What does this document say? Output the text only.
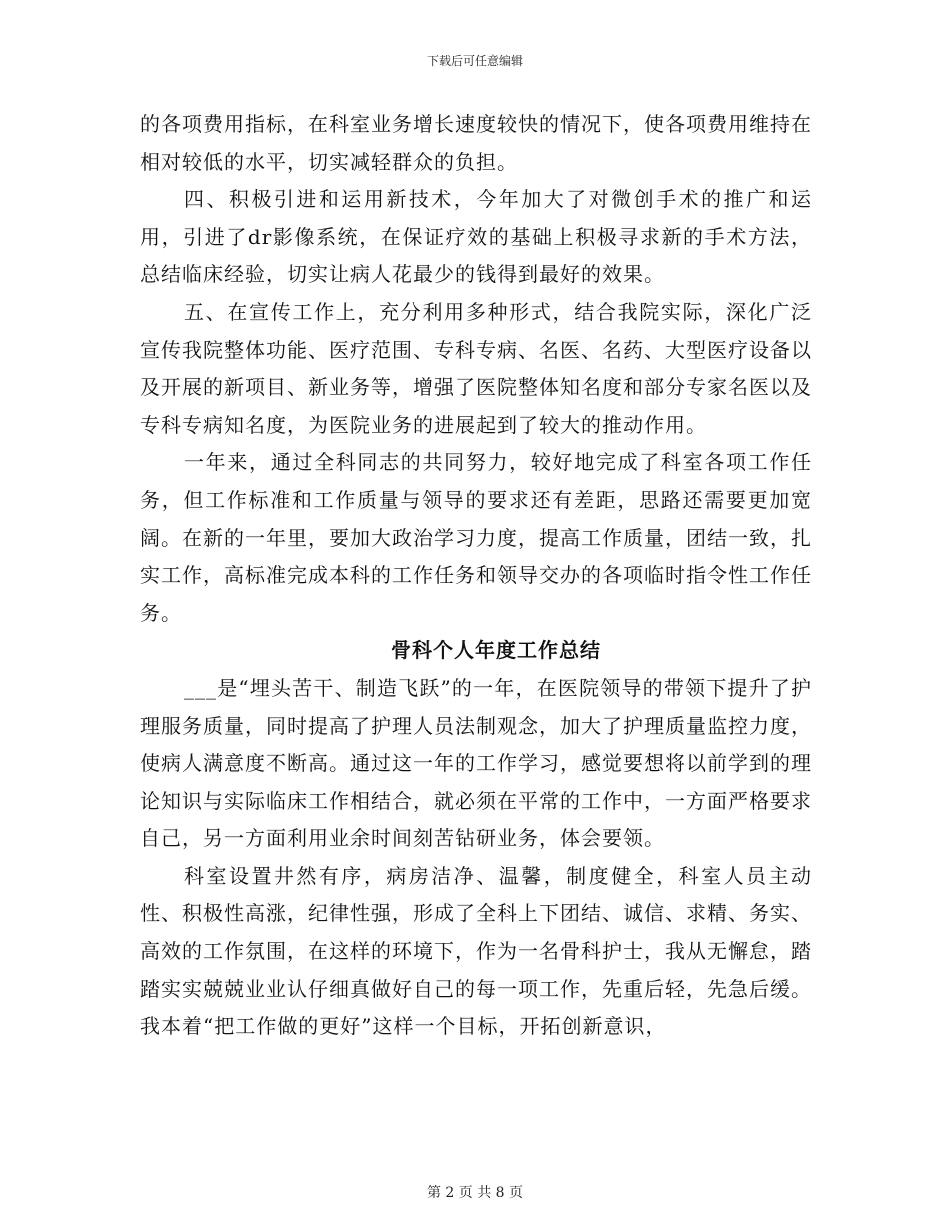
下载后可任意编辑

的各项费用指标，在科室业务增长速度较快的情况下，使各项费用维持在相对较低的水平，切实减轻群众的负担。

四、积极引进和运用新技术，今年加大了对微创手术的推广和运用，引进了dr影像系统，在保证疗效的基础上积极寻求新的手术方法，总结临床经验，切实让病人花最少的钱得到最好的效果。

五、在宣传工作上，充分利用多种形式，结合我院实际，深化广泛宣传我院整体功能、医疗范围、专科专病、名医、名药、大型医疗设备以及开展的新项目、新业务等，增强了医院整体知名度和部分专家名医以及专科专病知名度，为医院业务的进展起到了较大的推动作用。

一年来，通过全科同志的共同努力，较好地完成了科室各项工作任务，但工作标准和工作质量与领导的要求还有差距，思路还需要更加宽阔。在新的一年里，要加大政治学习力度，提高工作质量，团结一致，扎实工作，高标准完成本科的工作任务和领导交办的各项临时指令性工作任务。

骨科个人年度工作总结

___是“埋头苦干、制造飞跃”的一年，在医院领导的带领下提升了护理服务质量，同时提高了护理人员法制观念，加大了护理质量监控力度，使病人满意度不断高。通过这一年的工作学习，感觉要想将以前学到的理论知识与实际临床工作相结合，就必须在平常的工作中，一方面严格要求自己，另一方面利用业余时间刻苦钻研业务，体会要领。

科室设置井然有序，病房洁净、温馨，制度健全，科室人员主动性、积极性高涨，纪律性强，形成了全科上下团结、诚信、求精、务实、高效的工作氛围，在这样的环境下，作为一名骨科护士，我从无懈怠，踏踏实实兢兢业业认仔细真做好自己的每一项工作，先重后轻，先急后缓。我本着“把工作做的更好”这样一个目标，开拓创新意识，

第 2 页 共 8 页
